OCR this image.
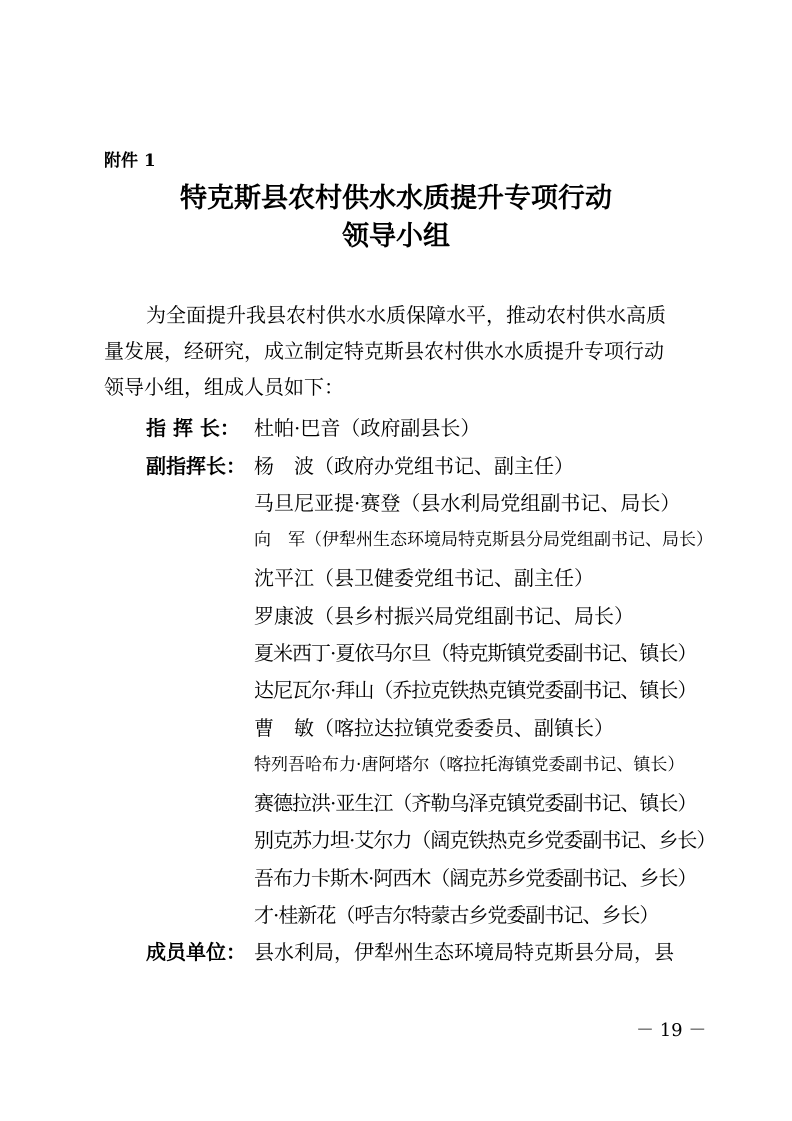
附件 1
特克斯县农村供水水质提升专项行动
领导小组

为全面提升我县农村供水水质保障水平，推动农村供水高质

量发展，经研究，成立制定特克斯县农村供水水质提升专项行动

领导小组，组成人员如下：

指 挥 长： 杜帕·巴音（政府副县长）
副指挥长： 杨　波（政府办党组书记、副主任）
马旦尼亚提·赛登（县水利局党组副书记、局长）
向　军（伊犁州生态环境局特克斯县分局党组副书记、局长）
沈平江（县卫健委党组书记、副主任）
罗康波（县乡村振兴局党组副书记、局长）
夏米西丁·夏依马尔旦（特克斯镇党委副书记、镇长）
达尼瓦尔·拜山（乔拉克铁热克镇党委副书记、镇长）
曹　敏（喀拉达拉镇党委委员、副镇长）
特列吾哈布力·唐阿塔尔（喀拉托海镇党委副书记、镇长）
赛德拉洪·亚生江（齐勒乌泽克镇党委副书记、镇长）
别克苏力坦·艾尔力（阔克铁热克乡党委副书记、乡长）
吾布力卡斯木·阿西木（阔克苏乡党委副书记、乡长）
才·桂新花（呼吉尔特蒙古乡党委副书记、乡长）
成员单位： 县水利局，伊犁州生态环境局特克斯县分局，县
－ 19 －
